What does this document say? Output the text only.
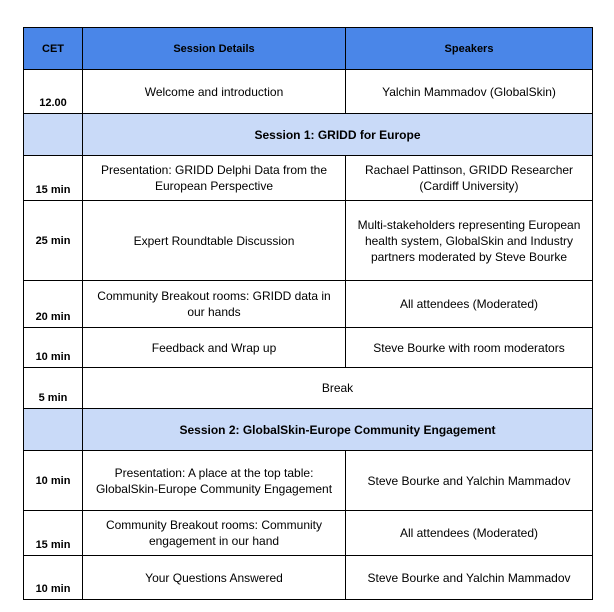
CET	Session Details	Speakers
12.00	Welcome and introduction	Yalchin Mammadov (GlobalSkin)
	Session 1: GRIDD for Europe	
15 min	Presentation: GRIDD Delphi Data from the European Perspective	Rachael Pattinson, GRIDD Researcher (Cardiff University)
25 min	Expert Roundtable Discussion	Multi-stakeholders representing European health system, GlobalSkin and Industry partners moderated by Steve Bourke
20 min	Community Breakout rooms: GRIDD data in our hands	All attendees (Moderated)
10 min	Feedback and Wrap up	Steve Bourke with room moderators
5 min	Break	
	Session 2: GlobalSkin-Europe Community Engagement	
10 min	Presentation: A place at the top table: GlobalSkin-Europe Community Engagement	Steve Bourke and Yalchin Mammadov
15 min	Community Breakout rooms: Community engagement in our hand	All attendees (Moderated)
10 min	Your Questions Answered	Steve Bourke and Yalchin Mammadov
